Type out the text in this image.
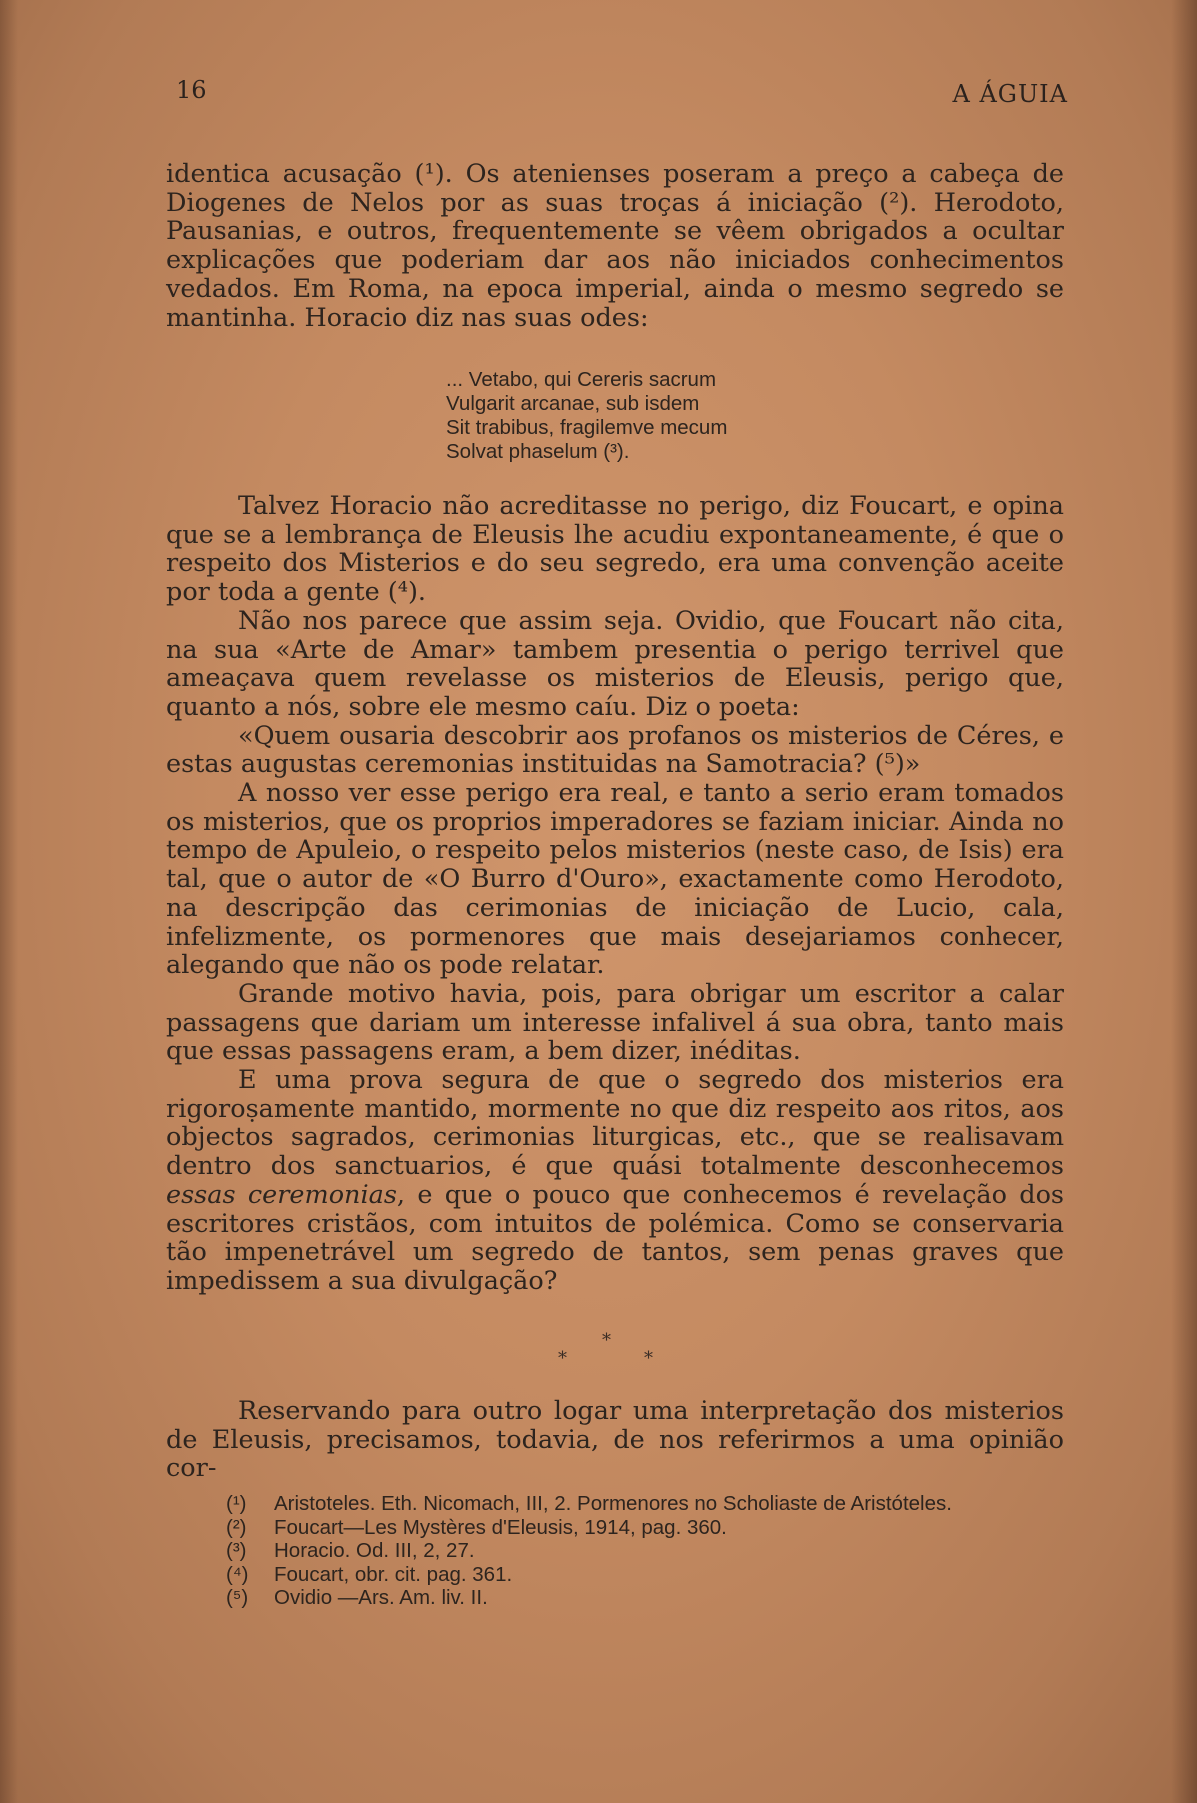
16	A ÁGUIA

identica acusação (¹). Os atenienses poseram a preço a cabeça de Diogenes de Nelos por as suas troças á iniciação (²). Herodoto, Pausanias, e outros, frequentemente se vêem obrigados a ocultar explicações que poderiam dar aos não iniciados conhecimentos vedados. Em Roma, na epoca imperial, ainda o mesmo segredo se mantinha. Horacio diz nas suas odes:

... Vetabo, qui Cereris sacrum
Vulgarit arcanae, sub isdem
Sit trabibus, fragilemve mecum
Solvat phaselum (³).

Talvez Horacio não acreditasse no perigo, diz Foucart, e opina que se a lembrança de Eleusis lhe acudiu expontaneamente, é que o respeito dos Misterios e do seu segredo, era uma convenção aceite por toda a gente (⁴).

Não nos parece que assim seja. Ovidio, que Foucart não cita, na sua «Arte de Amar» tambem presentia o perigo terrivel que ameaçava quem revelasse os misterios de Eleusis, perigo que, quanto a nós, sobre ele mesmo caíu. Diz o poeta:

«Quem ousaria descobrir aos profanos os misterios de Céres, e estas augustas ceremonias instituidas na Samotracia? (⁵)»

A nosso ver esse perigo era real, e tanto a serio eram tomados os misterios, que os proprios imperadores se faziam iniciar. Ainda no tempo de Apuleio, o respeito pelos misterios (neste caso, de Isis) era tal, que o autor de «O Burro d'Ouro», exactamente como Herodoto, na descripção das cerimonias de iniciação de Lucio, cala, infelizmente, os pormenores que mais desejariamos conhecer, alegando que não os pode relatar.

Grande motivo havia, pois, para obrigar um escritor a calar passagens que dariam um interesse infalivel á sua obra, tanto mais que essas passagens eram, a bem dizer, inéditas.

E uma prova segura de que o segredo dos misterios era rigoroṣamente mantido, mormente no que diz respeito aos ritos, aos objectos sagrados, cerimonias liturgicas, etc., que se realisavam dentro dos sanctuarios, é que quási totalmente desconhecemos essas ceremonias, e que o pouco que conhecemos é revelação dos escritores cristãos, com intuitos de polémica. Como se conservaria tão impenetrável um segredo de tantos, sem penas graves que impedissem a sua divulgação?

*
*	*

Reservando para outro logar uma interpretação dos misterios de Eleusis, precisamos, todavia, de nos referirmos a uma opinião cor-

(¹) Aristoteles. Eth. Nicomach, III, 2. Pormenores no Scholiaste de Aristóteles.
(²) Foucart—Les Mystères d'Eleusis, 1914, pag. 360.
(³) Horacio. Od. III, 2, 27.
(⁴) Foucart, obr. cit. pag. 361.
(⁵) Ovidio —Ars. Am. liv. II.
